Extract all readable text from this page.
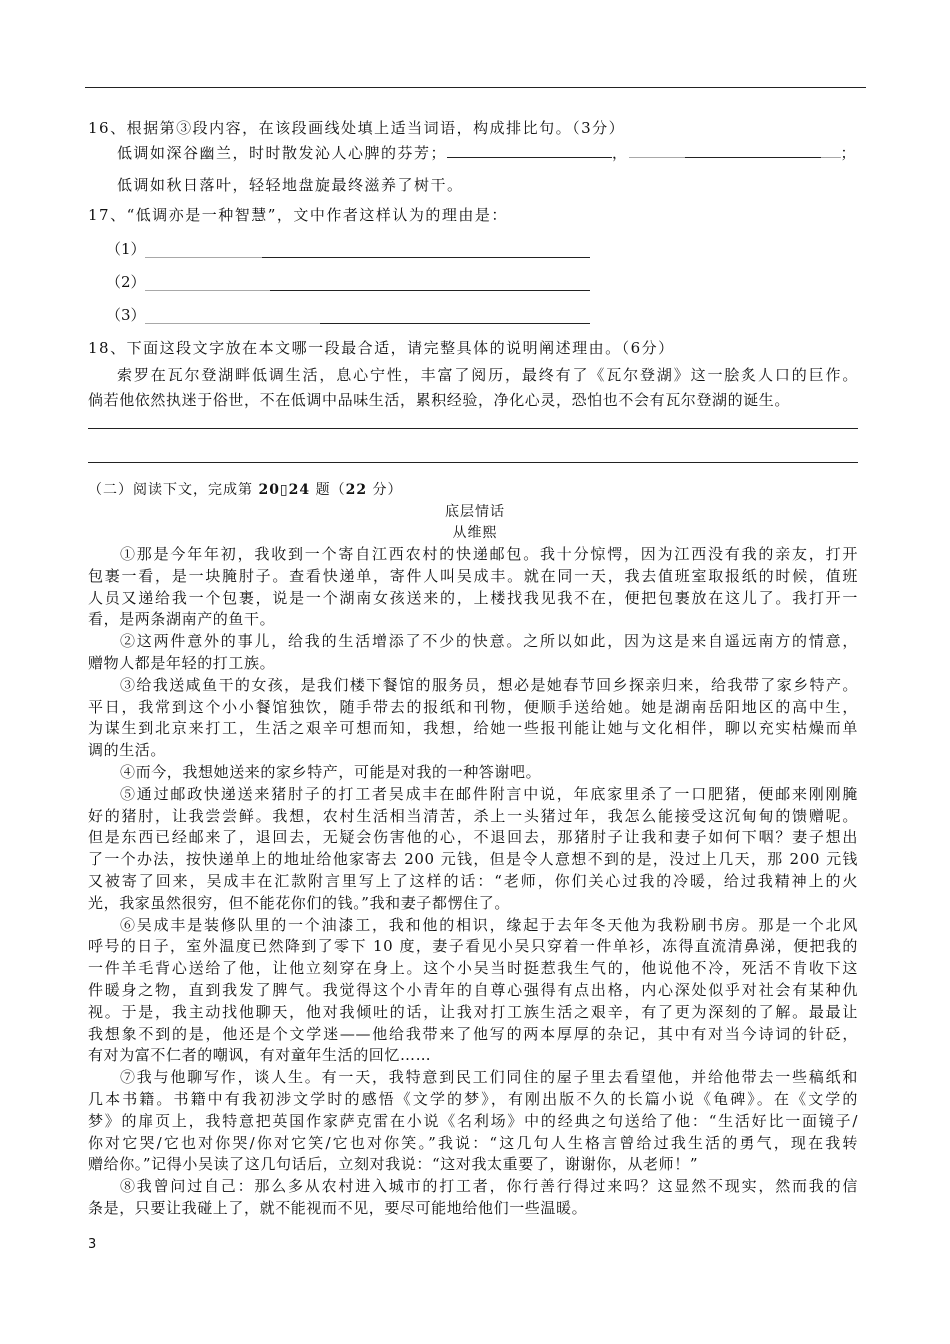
16、根据第③段内容，在该段画线处填上适当词语，构成排比句。（3分）
低调如深谷幽兰，时时散发沁人心脾的芬芳；	，	；
低调如秋日落叶，轻轻地盘旋最终滋养了树干。
17、“低调亦是一种智慧”，文中作者这样认为的理由是：
（1）
（2）
（3）
18、下面这段文字放在本文哪一段最合适，请完整具体的说明阐述理由。（6分）
索罗在瓦尔登湖畔低调生活，息心宁性，丰富了阅历，最终有了《瓦尔登湖》这一脍炙人口的巨作。
倘若他依然执迷于俗世，不在低调中品味生活，累积经验，净化心灵，恐怕也不会有瓦尔登湖的诞生。
（二）阅读下文，完成第 20▯24 题（22 分）
底层情话
从维熙
①那是今年年初，我收到一个寄自江西农村的快递邮包。我十分惊愕，因为江西没有我的亲友，打开
包裹一看，是一块腌肘子。查看快递单，寄件人叫吴成丰。就在同一天，我去值班室取报纸的时候，值班
人员又递给我一个包裹，说是一个湖南女孩送来的，上楼找我见我不在，便把包裹放在这儿了。我打开一
看，是两条湖南产的鱼干。
②这两件意外的事儿，给我的生活增添了不少的快意。之所以如此，因为这是来自遥远南方的情意，
赠物人都是年轻的打工族。
③给我送咸鱼干的女孩，是我们楼下餐馆的服务员，想必是她春节回乡探亲归来，给我带了家乡特产。
平日，我常到这个小小餐馆独饮，随手带去的报纸和刊物，便顺手送给她。她是湖南岳阳地区的高中生，
为谋生到北京来打工，生活之艰辛可想而知，我想，给她一些报刊能让她与文化相伴，聊以充实枯燥而单
调的生活。
④而今，我想她送来的家乡特产，可能是对我的一种答谢吧。
⑤通过邮政快递送来猪肘子的打工者吴成丰在邮件附言中说，年底家里杀了一口肥猪，便邮来刚刚腌
好的猪肘，让我尝尝鲜。我想，农村生活相当清苦，杀上一头猪过年，我怎么能接受这沉甸甸的馈赠呢。
但是东西已经邮来了，退回去，无疑会伤害他的心，不退回去，那猪肘子让我和妻子如何下咽？妻子想出
了一个办法，按快递单上的地址给他家寄去 200 元钱，但是令人意想不到的是，没过上几天，那 200 元钱
又被寄了回来，吴成丰在汇款附言里写上了这样的话：“老师，你们关心过我的冷暖，给过我精神上的火
光，我家虽然很穷，但不能花你们的钱。”我和妻子都愣住了。
⑥吴成丰是装修队里的一个油漆工，我和他的相识，缘起于去年冬天他为我粉刷书房。那是一个北风
呼号的日子，室外温度已然降到了零下 10 度，妻子看见小吴只穿着一件单衫，冻得直流清鼻涕，便把我的
一件羊毛背心送给了他，让他立刻穿在身上。这个小吴当时挺惹我生气的，他说他不冷，死活不肯收下这
件暖身之物，直到我发了脾气。我觉得这个小青年的自尊心强得有点出格，内心深处似乎对社会有某种仇
视。于是，我主动找他聊天，他对我倾吐的话，让我对打工族生活之艰辛，有了更为深刻的了解。最最让
我想象不到的是，他还是个文学迷——他给我带来了他写的两本厚厚的杂记，其中有对当今诗词的针砭，
有对为富不仁者的嘲讽，有对童年生活的回忆……
⑦我与他聊写作，谈人生。有一天，我特意到民工们同住的屋子里去看望他，并给他带去一些稿纸和
几本书籍。书籍中有我初涉文学时的感悟《文学的梦》，有刚出版不久的长篇小说《龟碑》。在《文学的
梦》的扉页上，我特意把英国作家萨克雷在小说《名利场》中的经典之句送给了他：“生活好比一面镜子/
你对它哭/它也对你哭/你对它笑/它也对你笑。”我说：“这几句人生格言曾给过我生活的勇气，现在我转
赠给你。”记得小吴读了这几句话后，立刻对我说：“这对我太重要了，谢谢你，从老师！”
⑧我曾问过自己：那么多从农村进入城市的打工者，你行善行得过来吗？这显然不现实，然而我的信
条是，只要让我碰上了，就不能视而不见，要尽可能地给他们一些温暖。
3
